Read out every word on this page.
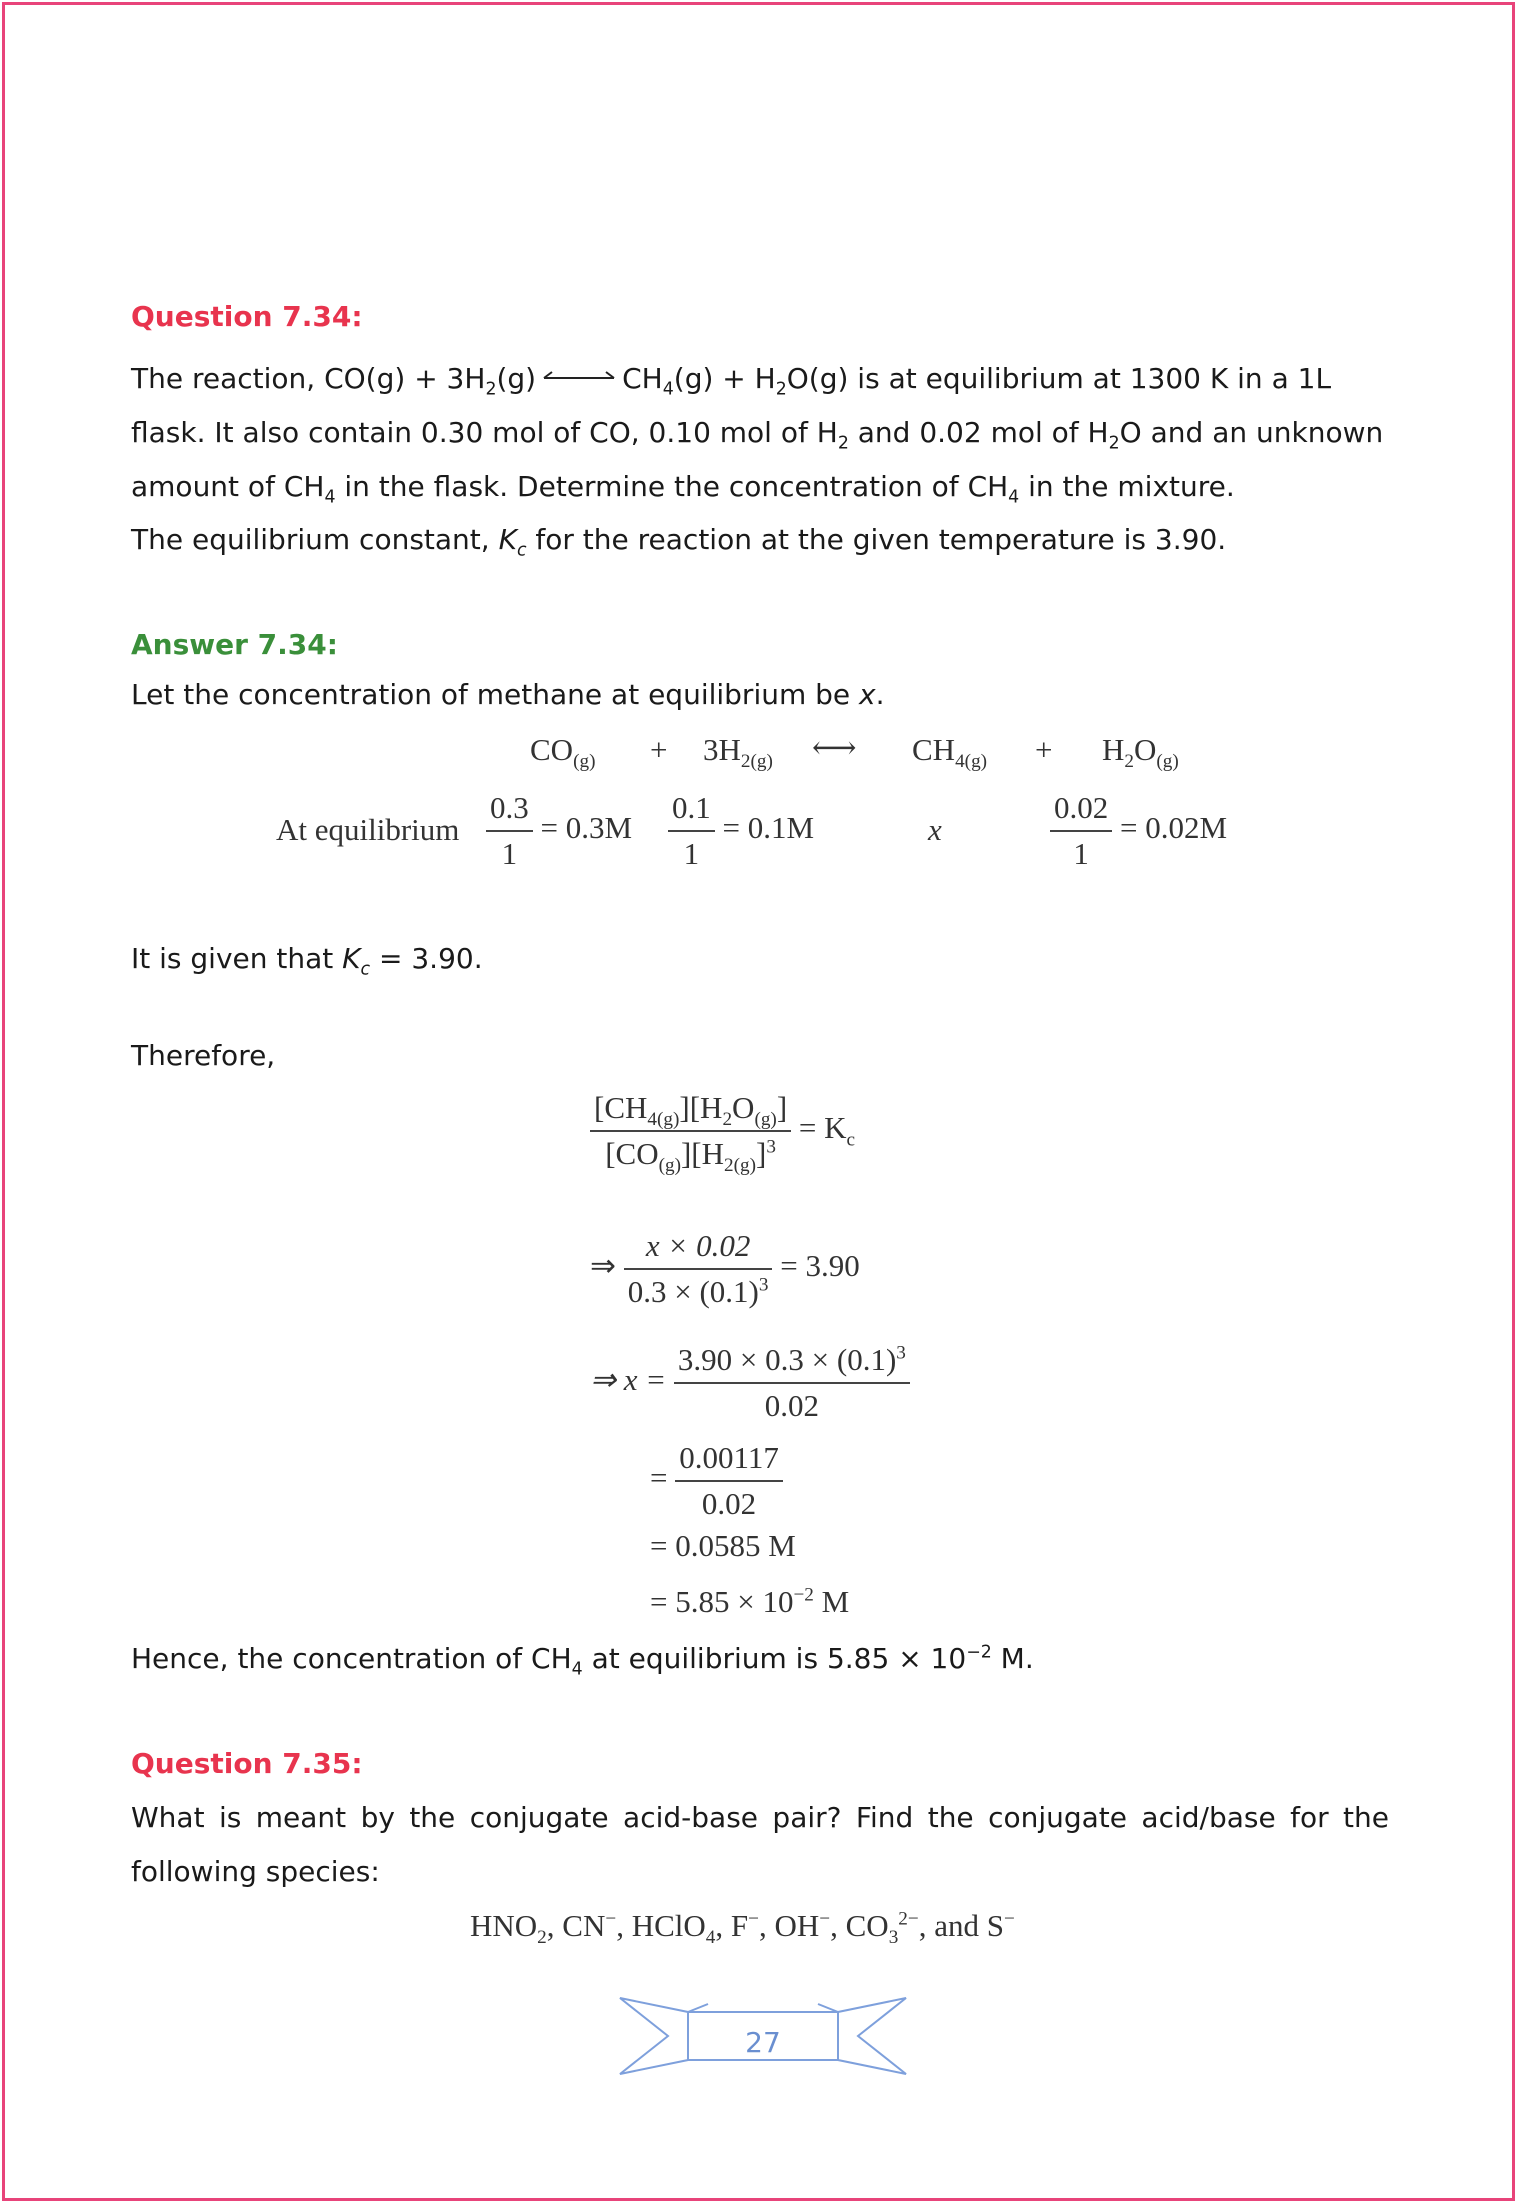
Question 7.34:
The reaction, $CO(g) + 3H_2(g)$	$CH_4(g) + H_2O(g)$ is at equilibrium at 1300 K in a 1L
flask. It also contain 0.30 mol of CO, 0.10 mol of $H_2$ and 0.02 mol of $H_2O$ and an unknown
amount of $CH_4$ in the flask. Determine the concentration of $CH_4$ in the mixture.
The equilibrium constant, $K_c$ for the reaction at the given temperature is 3.90.
Answer 7.34:
Let the concentration of methane at equilibrium be x.
$CO_{(g)} + 3H_{2(g)}$ ⟷ $CH_{4(g)} + H_2O_{(g)}$
At equilibrium $\frac{0.3}{1} = 0.3M \frac{0.1}{1} = 0.1M$	x	$\frac{0.02}{1} = 0.02M$
It is given that $K_c = 3.90$.
Therefore,
$\frac{[CH_{4(g)}][H_2O_{(g)}]}{[CO_{(g)}][H_{2(g)}]^3} = K_c$
⇒ $\frac{x \times 0.02}{0.3 \times (0.1)^3} = 3.90$
⇒ $x = \frac{3.90 \times 0.3 \times (0.1)^3}{0.02}$
= $\frac{0.00117}{0.02}$
= 0.0585 M
= $5.85 \times 10^{-2}$ M
Hence, the concentration of $CH_4$ at equilibrium is $5.85 \times 10^{-2}$ M.
Question 7.35:
What is meant by the conjugate acid-base pair? Find the conjugate acid/base for the following species:
$HNO_2$, CN−, HClO$_4$, F−, OH−, $CO_3^{2-}$, and S−
27
